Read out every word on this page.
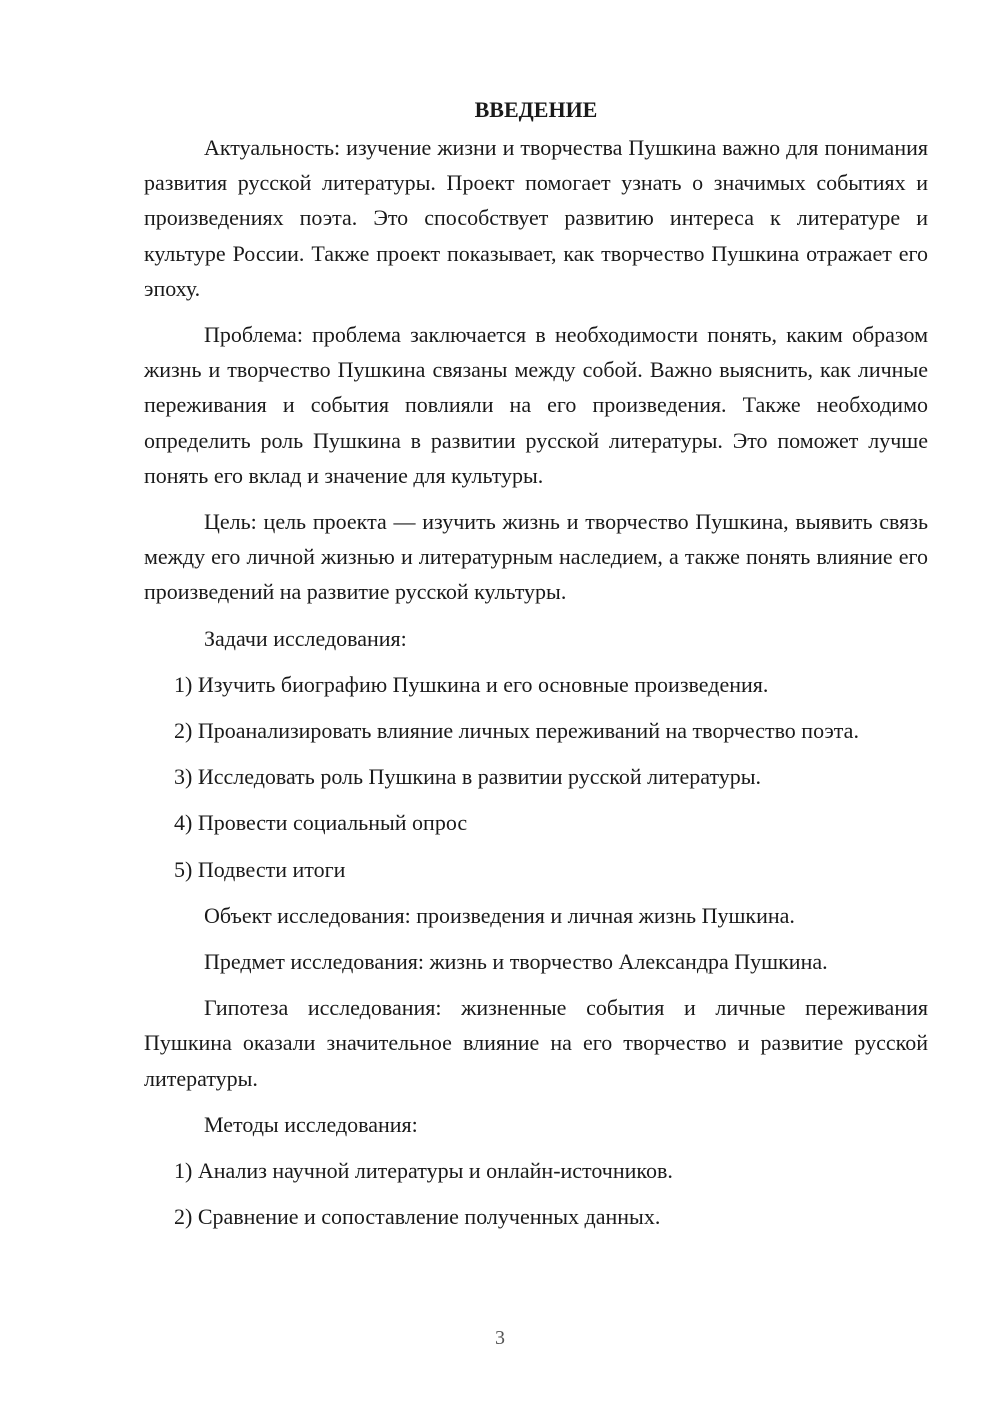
ВВЕДЕНИЕ

Актуальность: изучение жизни и творчества Пушкина важно для понимания развития русской литературы. Проект помогает узнать о значимых событиях и произведениях поэта. Это способствует развитию интереса к литературе и культуре России. Также проект показывает, как творчество Пушкина отражает его эпоху.

Проблема: проблема заключается в необходимости понять, каким образом жизнь и творчество Пушкина связаны между собой. Важно выяснить, как личные переживания и события повлияли на его произведения. Также необходимо определить роль Пушкина в развитии русской литературы. Это поможет лучше понять его вклад и значение для культуры.

Цель: цель проекта — изучить жизнь и творчество Пушкина, выявить связь между его личной жизнью и литературным наследием, а также понять влияние его произведений на развитие русской культуры.

Задачи исследования:

1) Изучить биографию Пушкина и его основные произведения.

2) Проанализировать влияние личных переживаний на творчество поэта.

3) Исследовать роль Пушкина в развитии русской литературы.

4) Провести социальный опрос

5) Подвести итоги

Объект исследования: произведения и личная жизнь Пушкина.

Предмет исследования: жизнь и творчество Александра Пушкина.

Гипотеза исследования: жизненные события и личные переживания Пушкина оказали значительное влияние на его творчество и развитие русской литературы.

Методы исследования:

1) Анализ научной литературы и онлайн-источников.

2) Сравнение и сопоставление полученных данных.

3
